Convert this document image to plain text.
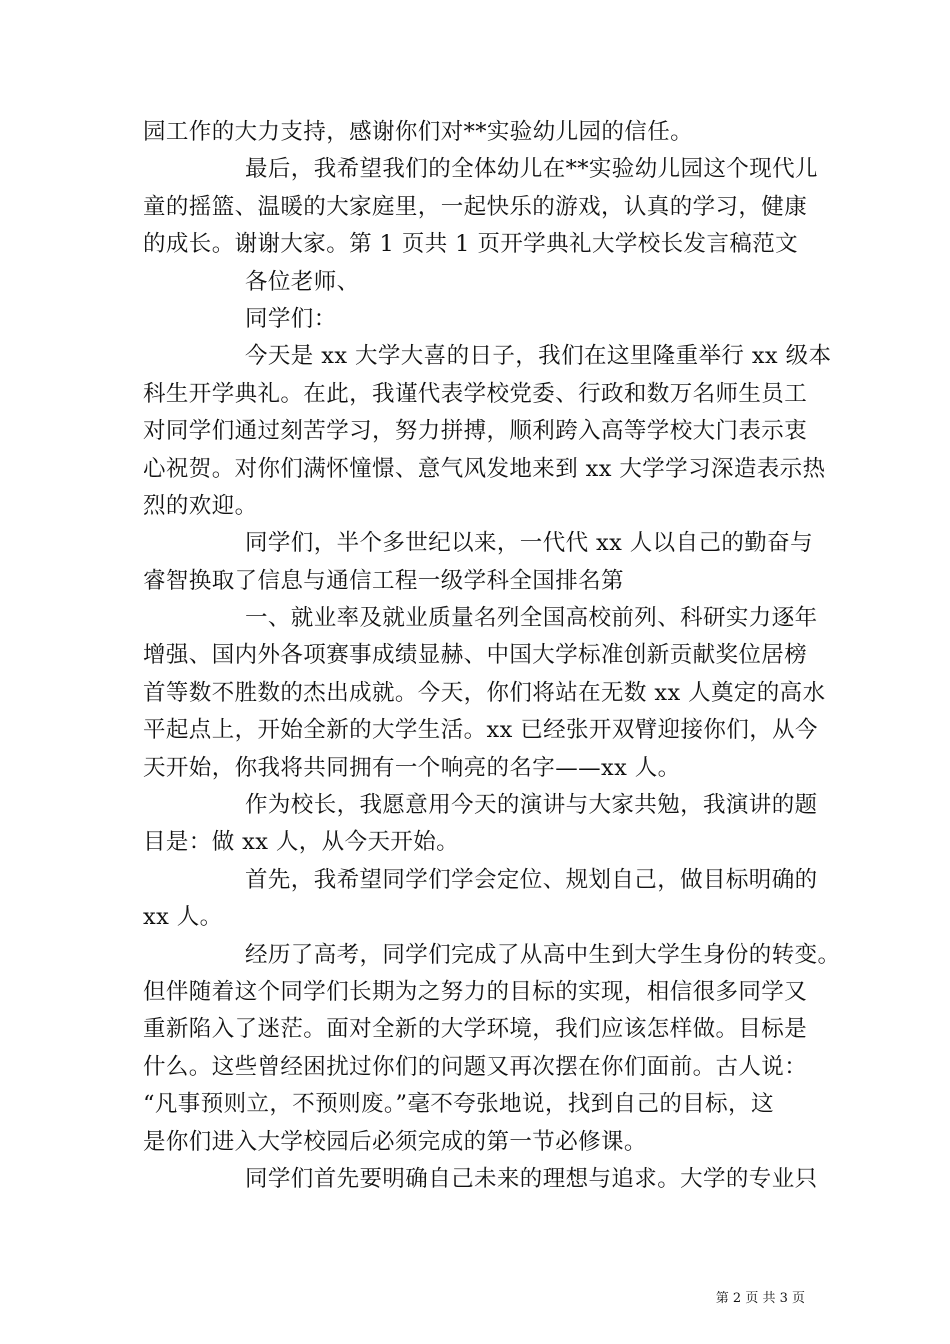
园工作的大力支持，感谢你们对**实验幼儿园的信任。
最后，我希望我们的全体幼儿在**实验幼儿园这个现代儿
童的摇篮、温暖的大家庭里，一起快乐的游戏，认真的学习，健康
的成长。谢谢大家。第 1 页共 1 页开学典礼大学校长发言稿范文
各位老师、
同学们：
今天是 xx 大学大喜的日子，我们在这里隆重举行 xx 级本
科生开学典礼。在此，我谨代表学校党委、行政和数万名师生员工
对同学们通过刻苦学习，努力拼搏，顺利跨入高等学校大门表示衷
心祝贺。对你们满怀憧憬、意气风发地来到 xx 大学学习深造表示热
烈的欢迎。
同学们，半个多世纪以来，一代代 xx 人以自己的勤奋与
睿智换取了信息与通信工程一级学科全国排名第
一、就业率及就业质量名列全国高校前列、科研实力逐年
增强、国内外各项赛事成绩显赫、中国大学标准创新贡献奖位居榜
首等数不胜数的杰出成就。今天，你们将站在无数 xx 人奠定的高水
平起点上，开始全新的大学生活。xx 已经张开双臂迎接你们，从今
天开始，你我将共同拥有一个响亮的名字——xx 人。
作为校长，我愿意用今天的演讲与大家共勉，我演讲的题
目是：做 xx 人，从今天开始。
首先，我希望同学们学会定位、规划自己，做目标明确的
xx 人。
经历了高考，同学们完成了从高中生到大学生身份的转变。
但伴随着这个同学们长期为之努力的目标的实现，相信很多同学又
重新陷入了迷茫。面对全新的大学环境，我们应该怎样做。目标是
什么。这些曾经困扰过你们的问题又再次摆在你们面前。古人说：
“凡事预则立，不预则废。”毫不夸张地说，找到自己的目标，这
是你们进入大学校园后必须完成的第一节必修课。
同学们首先要明确自己未来的理想与追求。大学的专业只
第 2 页 共 3 页
